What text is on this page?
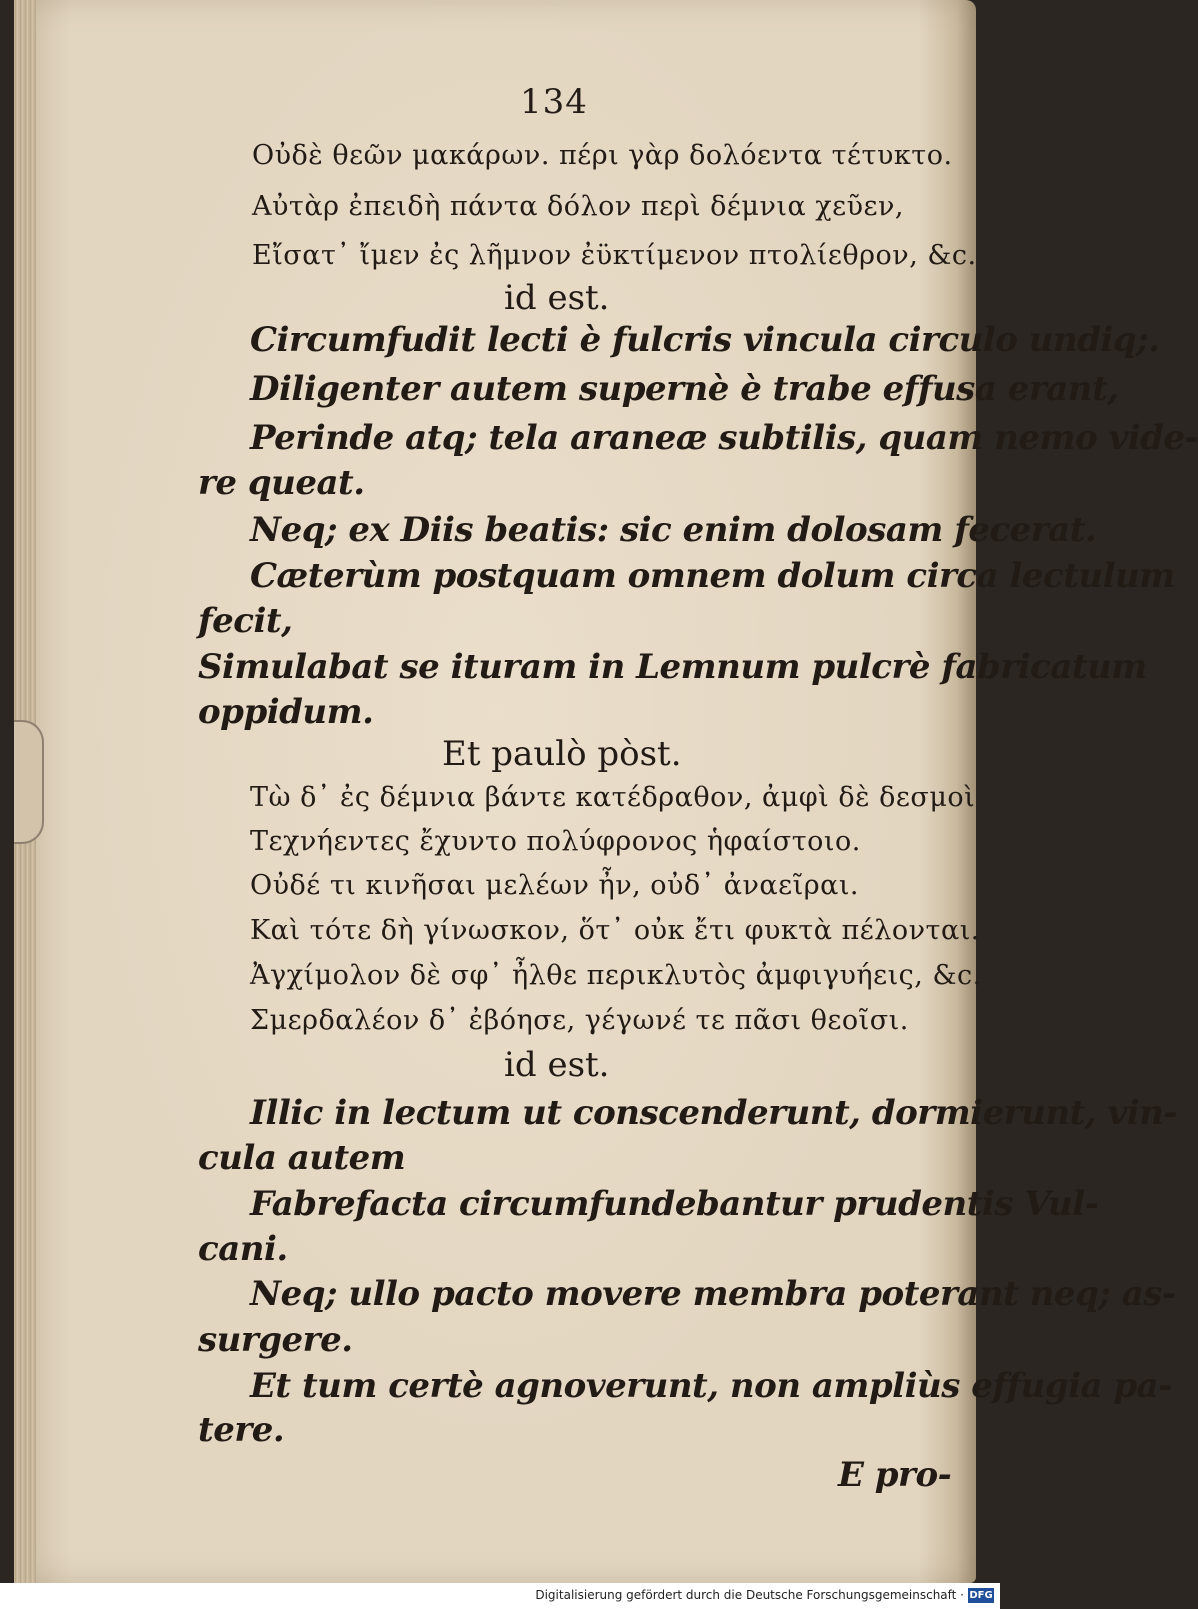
134
Οὐδὲ θεῶν μακάρων. πέρι γὰρ δολόεντα τέτυκτο.
Αὐτὰρ ἐπειδὴ πάντα δόλον περὶ δέμνια χεῦεν,
Εἴσατ᾽ ἴμεν ἐς λῆμνον ἐϋκτίμενον πτολίεθρον, &c.
id est.
Circumfudit lecti è fulcris vincula circulo undiq;.
Diligenter autem supernè è trabe effusa erant,
Perinde atq; tela araneæ subtilis, quam nemo vide-
re queat.
Neq; ex Diis beatis: sic enim dolosam fecerat.
Cæterùm postquam omnem dolum circa lectulum
fecit,
Simulabat se ituram in Lemnum pulcrè fabricatum
oppidum.
Et paulò pòst.
Τὼ δ᾽ ἐς δέμνια βάντε κατέδραθον, ἀμφὶ δὲ δεσμοὶ
Τεχνήεντες ἔχυντο πολύφρονος ἡφαίστοιο.
Οὐδέ τι κινῆσαι μελέων ἦν, οὐδ᾽ ἀναεῖραι.
Καὶ τότε δὴ γίνωσκον, ὅτ᾽ οὐκ ἔτι φυκτὰ πέλονται.
Ἀγχίμολον δὲ σφ᾽ ἦλθε περικλυτὸς ἀμφιγυήεις, &c.
Σμερδαλέον δ᾽ ἐβόησε, γέγωνέ τε πᾶσι θεοῖσι.
id est.
Illic in lectum ut conscenderunt, dormierunt, vin-
cula autem
Fabrefacta circumfundebantur prudentis Vul-
cani.
Neq; ullo pacto movere membra poterant neq; as-
surgere.
Et tum certè agnoverunt, non ampliùs effugia pa-
tere.
E pro-
Digitalisierung gefördert durch die Deutsche Forschungsgemeinschaft · DFG
